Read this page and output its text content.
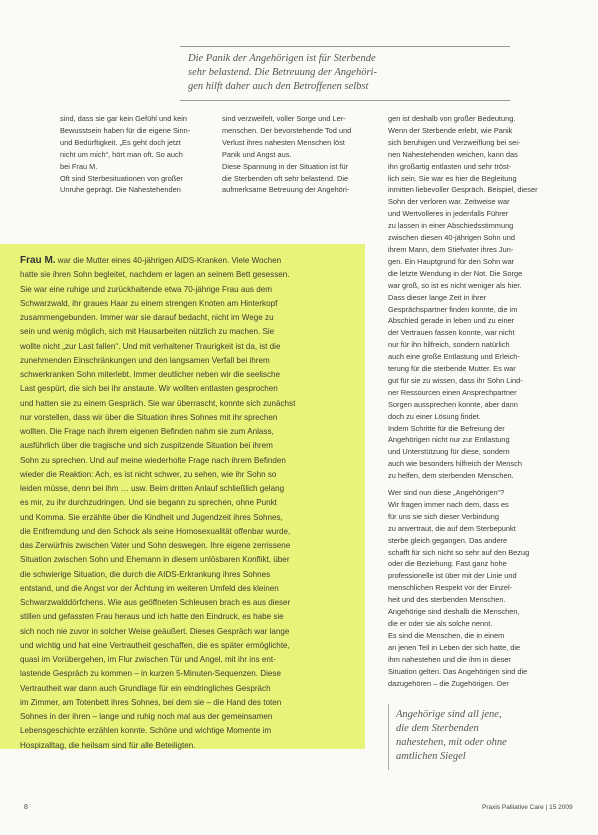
Die Panik der Angehörigen ist für Sterbende
sehr belastend. Die Betreuung der Angehöri-
gen hilft daher auch den Betroffenen selbst

sind, dass sie gar kein Gefühl und kein

Bewusstsein haben für die eigene Sinn-

und Bedürftigkeit. „Es geht doch jetzt

nicht um mich“, hört man oft. So auch

bei Frau M.

Oft sind Sterbesituationen von großer

Unruhe geprägt. Die Nahestehenden

sind verzweifelt, voller Sorge und Ler-

menschen. Der bevorstehende Tod und

Verlust ihres nahesten Menschen löst

Panik und Angst aus.

Diese Spannung in der Situation ist für

die Sterbenden oft sehr belastend. Die

aufmerksame Betreuung der Angehöri-

gen ist deshalb von großer Bedeutung.

Wenn der Sterbende erlebt, wie Panik

sich beruhigen und Verzweiflung bei sei-

nen Nahestehenden weichen, kann das

ihn großartig entlasten und sehr tröst-

lich sein. Sie war es hier die Begleitung

inmitten liebevoller Gespräch. Beispiel, dieser

Sohn der verloren war. Zeitweise war

und Wertvolleres in jedenfalls Führer

zu lassen in einer Abschiedsstimmung

zwischen diesen 40-jährigen Sohn und

ihrem Mann, dem Stiefvater ihres Jun-

gen. Ein Hauptgrund für den Sohn war

die letzte Wendung in der Not. Die Sorge

war groß, so ist es nicht weniger als hier.

Dass dieser lange Zeit in ihrer

Gesprächspartner finden konnte, die im

Abschied gerade in leben und zu einer

der Vertrauen fassen konnte, war nicht

nur für ihn hilfreich, sondern natürlich

auch eine große Entlastung und Erleich-

terung für die sterbende Mutter. Es war

gut für sie zu wissen, dass ihr Sohn Lind-

ner Ressourcen einen Ansprechpartner

Sorgen aussprechen konnte, aber dann

doch zu einer Lösung findet.

Indem Schritte für die Befreiung der

Angehörigen nicht nur zur Entlastung

und Unterstützung für diese, sondern

auch wie besonders hilfreich der Mensch

zu helfen, dem sterbenden Menschen.

Wer sind nun diese „Angehörigen“?

Wir fragen immer nach dem, dass es

für uns sie sich dieser Verbindung

zu anvertraut, die auf dem Sterbepunkt

sterbe gleich gegangen. Das andere

schafft für sich nicht so sehr auf den Bezug

oder die Beziehung. Fast ganz hohe

professionelle ist über mit der Linie und

menschlichen Respekt vor der Einzel-

heit und des sterbenden Menschen.

Angehörige sind deshalb die Menschen,

die er oder sie als solche nennt.

Es sind die Menschen, die in einem

an jenen Teil in Leben der sich hatte, die

ihm nahestehen und die ihm in dieser

Situation gelten. Das Angehörigen sind die

dazugehören – die Zugehörigen. Der

Frau M. war die Mutter eines 40-jährigen AIDS-Kranken. Viele Wochen

hatte sie ihren Sohn begleitet, nachdem er lagen an seinem Bett gesessen.

Sie war eine ruhige und zurückhaltende etwa 70-jährige Frau aus dem

Schwarzwald, ihr graues Haar zu einem strengen Knoten am Hinterkopf

zusammengebunden. Immer war sie darauf bedacht, nicht im Wege zu

sein und wenig möglich, sich mit Hausarbeiten nützlich zu machen. Sie

wollte nicht „zur Last fallen“. Und mit verhaltener Traurigkeit ist da, ist die

zunehmenden Einschränkungen und den langsamen Verfall bei ihrem

schwerkranken Sohn miterlebt. Immer deutlicher neben wir die seelische

Last gespürt, die sich bei ihr anstaute. Wir wollten entlasten gesprochen

und hatten sie zu einem Gespräch. Sie war überrascht, konnte sich zunächst

nur vorstellen, dass wir über die Situation ihres Sohnes mit ihr sprechen

wollten. Die Frage nach ihrem eigenen Befinden nahm sie zum Anlass,

ausführlich über die tragische und sich zuspitzende Situation bei ihrem

Sohn zu sprechen. Und auf meine wiederholte Frage nach ihrem Befinden

wieder die Reaktion: Ach, es ist nicht schwer, zu sehen, wie ihr Sohn so

leiden müsse, denn bei ihm … usw. Beim dritten Anlauf schließlich gelang

es mir, zu ihr durchzudringen. Und sie begann zu sprechen, ohne Punkt

und Komma. Sie erzählte über die Kindheit und Jugendzeit ihres Sohnes,

die Entfremdung und den Schock als seine Homosexualität offenbar wurde,

das Zerwürfnis zwischen Vater und Sohn deswegen. Ihre eigene zerrissene

Situation zwischen Sohn und Ehemann in diesem unlösbaren Konflikt, über

die schwierige Situation, die durch die AIDS-Erkrankung ihres Sohnes

entstand, und die Angst vor der Ächtung im weiteren Umfeld des kleinen

Schwarzwalddörfchens. Wie aus geöffneten Schleusen brach es aus dieser

stillen und gefassten Frau heraus und ich hatte den Eindruck, es habe sie

sich noch nie zuvor in solcher Weise geäußert. Dieses Gespräch war lange

und wichtig und hat eine Vertrautheit geschaffen, die es später ermöglichte,

quasi im Vorübergehen, im Flur zwischen Tür und Angel, mit ihr ins ent-

lastende Gespräch zu kommen – in kurzen 5-Minuten-Sequenzen. Diese

Vertrautheit war dann auch Grundlage für ein eindringliches Gespräch

im Zimmer, am Totenbett ihres Sohnes, bei dem sie – die Hand des toten

Sohnes in der ihren – lange und ruhig noch mal aus der gemeinsamen

Lebensgeschichte erzählen konnte. Schöne und wichtige Momente im

Hospizalltag, die heilsam sind für alle Beteiligten.

Angehörige sind all jene,
die dem Sterbenden
nahestehen, mit oder ohne
amtlichen Siegel
8	Praxis Palliative Care | 15 2009
